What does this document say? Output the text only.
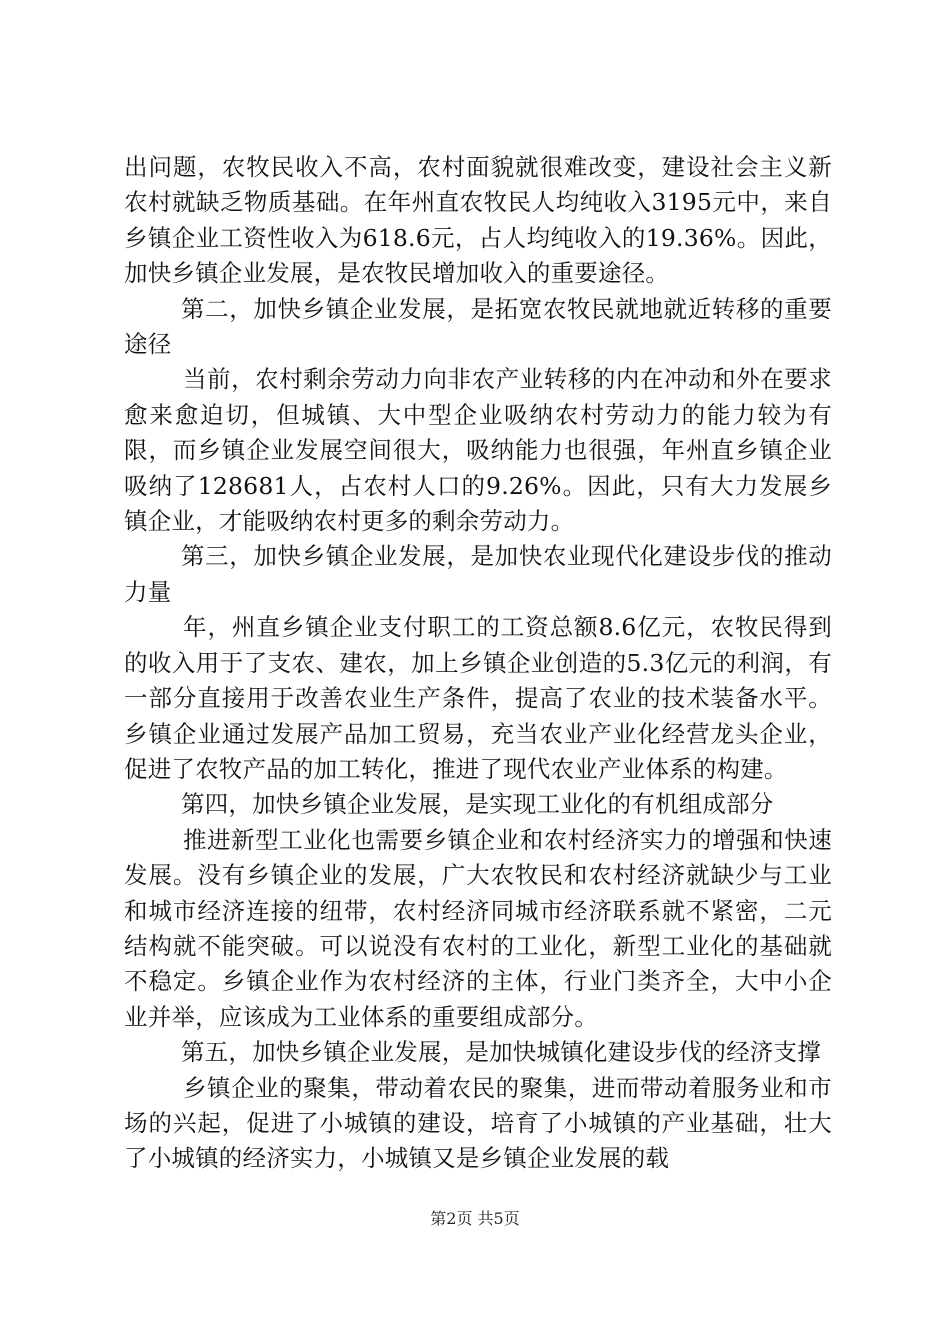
出问题，农牧民收入不高，农村面貌就很难改变，建设社会主义新农村就缺乏物质基础。在年州直农牧民人均纯收入3195元中，来自乡镇企业工资性收入为618.6元，占人均纯收入的19.36%。因此，加快乡镇企业发展，是农牧民增加收入的重要途径。

第二，加快乡镇企业发展，是拓宽农牧民就地就近转移的重要途径

当前，农村剩余劳动力向非农产业转移的内在冲动和外在要求愈来愈迫切，但城镇、大中型企业吸纳农村劳动力的能力较为有限，而乡镇企业发展空间很大，吸纳能力也很强，年州直乡镇企业吸纳了128681人，占农村人口的9.26%。因此，只有大力发展乡镇企业，才能吸纳农村更多的剩余劳动力。

第三，加快乡镇企业发展，是加快农业现代化建设步伐的推动力量

年，州直乡镇企业支付职工的工资总额8.6亿元，农牧民得到的收入用于了支农、建农，加上乡镇企业创造的5.3亿元的利润，有一部分直接用于改善农业生产条件，提高了农业的技术装备水平。乡镇企业通过发展产品加工贸易，充当农业产业化经营龙头企业，促进了农牧产品的加工转化，推进了现代农业产业体系的构建。

第四，加快乡镇企业发展，是实现工业化的有机组成部分

推进新型工业化也需要乡镇企业和农村经济实力的增强和快速发展。没有乡镇企业的发展，广大农牧民和农村经济就缺少与工业和城市经济连接的纽带，农村经济同城市经济联系就不紧密，二元结构就不能突破。可以说没有农村的工业化，新型工业化的基础就不稳定。乡镇企业作为农村经济的主体，行业门类齐全，大中小企业并举，应该成为工业体系的重要组成部分。

第五，加快乡镇企业发展，是加快城镇化建设步伐的经济支撑

乡镇企业的聚集，带动着农民的聚集，进而带动着服务业和市场的兴起，促进了小城镇的建设，培育了小城镇的产业基础，壮大了小城镇的经济实力，小城镇又是乡镇企业发展的载

第2页 共5页
